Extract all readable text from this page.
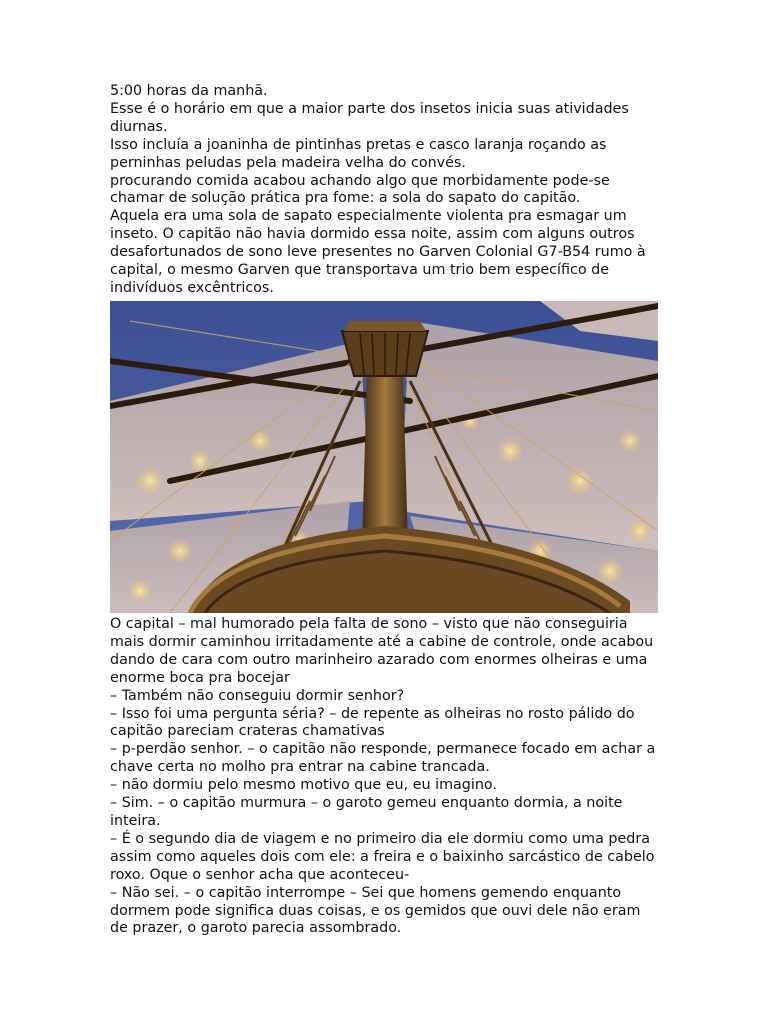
5:00 horas da manhã.
Esse é o horário em que a maior parte dos insetos inicia suas atividades
diurnas.
Isso incluía a joaninha de pintinhas pretas e casco laranja roçando as
perninhas peludas pela madeira velha do convés.
procurando comida acabou achando algo que morbidamente pode-se
chamar de solução prática pra fome: a sola do sapato do capitão.
Aquela era uma sola de sapato especialmente violenta pra esmagar um
inseto. O capitão não havia dormido essa noite, assim com alguns outros
desafortunados de sono leve presentes no Garven Colonial G7-B54 rumo à
capital, o mesmo Garven que transportava um trio bem específico de
indivíduos excêntricos.
O capital – mal humorado pela falta de sono – visto que não conseguiria
mais dormir caminhou irritadamente até a cabine de controle, onde acabou
dando de cara com outro marinheiro azarado com enormes olheiras e uma
enorme boca pra bocejar
– Também não conseguiu dormir senhor?
– Isso foi uma pergunta séria? – de repente as olheiras no rosto pálido do
capitão pareciam crateras chamativas
– p-perdão senhor. – o capitão não responde, permanece focado em achar a
chave certa no molho pra entrar na cabine trancada.
– não dormiu pelo mesmo motivo que eu, eu imagino.
– Sim. – o capitão murmura – o garoto gemeu enquanto dormia, a noite
inteira.
– É o segundo dia de viagem e no primeiro dia ele dormiu como uma pedra
assim como aqueles dois com ele: a freira e o baixinho sarcástico de cabelo
roxo. Oque o senhor acha que aconteceu-
– Não sei. – o capitão interrompe – Sei que homens gemendo enquanto
dormem pode significa duas coisas, e os gemidos que ouvi dele não eram
de prazer, o garoto parecia assombrado.
